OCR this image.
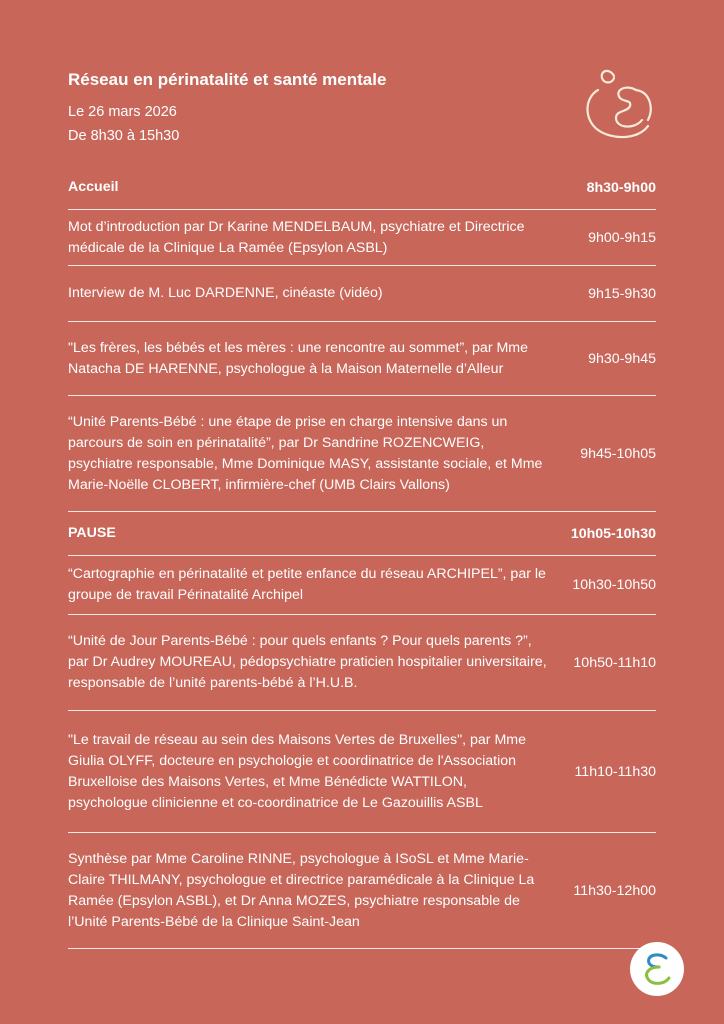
Réseau en périnatalité et santé mentale
Le 26 mars 2026
De 8h30 à 15h30
Accueil	8h30-9h00
Mot d’introduction par Dr Karine MENDELBAUM, psychiatre et Directrice médicale de la Clinique La Ramée (Epsylon ASBL)
9h00-9h15
Interview de M. Luc DARDENNE, cinéaste (vidéo)	9h15-9h30
"Les frères, les bébés et les mères : une rencontre au sommet”, par Mme Natacha DE HARENNE, psychologue à la Maison Maternelle d’Alleur
9h30-9h45
“Unité Parents-Bébé : une étape de prise en charge intensive dans un parcours de soin en périnatalité”, par Dr Sandrine ROZENCWEIG, psychiatre responsable, Mme Dominique MASY, assistante sociale, et Mme Marie-Noëlle CLOBERT, infirmière-chef (UMB Clairs Vallons)
9h45-10h05
PAUSE	10h05-10h30
“Cartographie en périnatalité et petite enfance du réseau ARCHIPEL”, par le groupe de travail Périnatalité Archipel
10h30-10h50
“Unité de Jour Parents-Bébé : pour quels enfants ? Pour quels parents ?”, par Dr Audrey MOUREAU, pédopsychiatre praticien hospitalier universitaire, responsable de l’unité parents-bébé à l’H.U.B.
10h50-11h10
"Le travail de réseau au sein des Maisons Vertes de Bruxelles", par Mme Giulia OLYFF, docteure en psychologie et coordinatrice de l'Association Bruxelloise des Maisons Vertes, et Mme Bénédicte WATTILON, psychologue clinicienne et co-coordinatrice de Le Gazouillis ASBL
11h10-11h30
Synthèse par Mme Caroline RINNE, psychologue à ISoSL et Mme Marie-Claire THILMANY, psychologue et directrice paramédicale à la Clinique La Ramée (Epsylon ASBL), et Dr Anna MOZES, psychiatre responsable de l’Unité Parents-Bébé de la Clinique Saint-Jean
11h30-12h00
